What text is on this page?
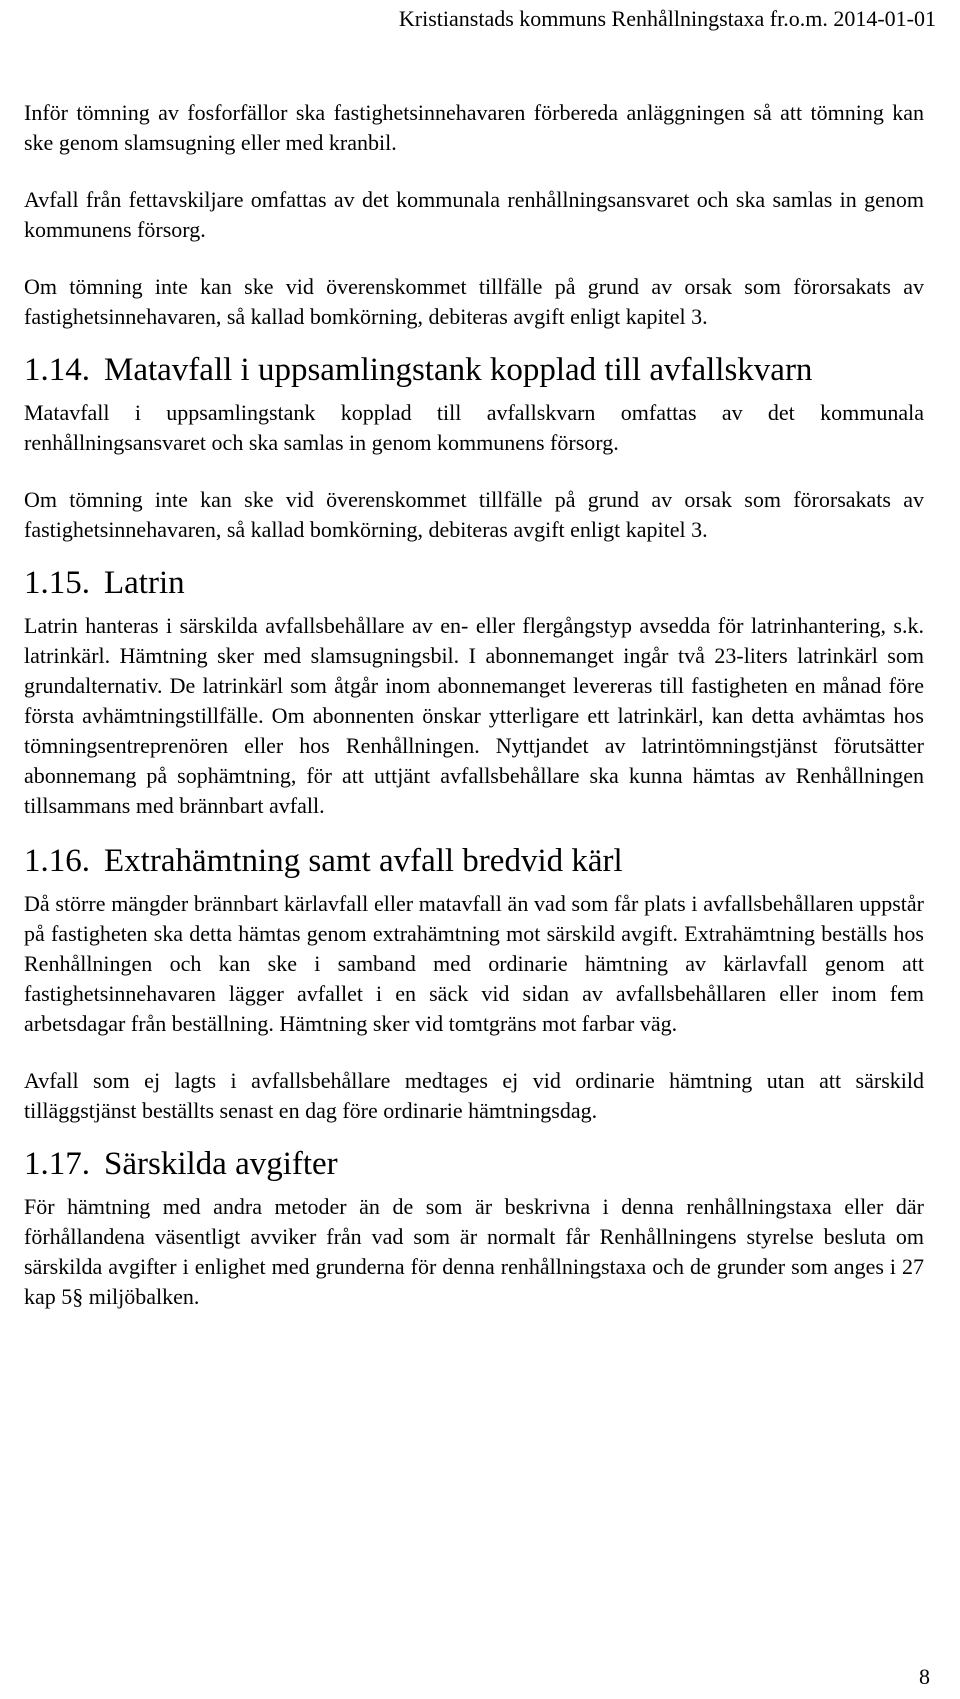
Kristianstads kommuns Renhållningstaxa fr.o.m. 2014-01-01

Inför tömning av fosforfällor ska fastighetsinnehavaren förbereda anläggningen så att tömning kan ske genom slamsugning eller med kranbil.

Avfall från fettavskiljare omfattas av det kommunala renhållningsansvaret och ska samlas in genom kommunens försorg.

Om tömning inte kan ske vid överenskommet tillfälle på grund av orsak som förorsakats av fastighetsinnehavaren, så kallad bomkörning, debiteras avgift enligt kapitel 3.

1.14. Matavfall i uppsamlingstank kopplad till avfallskvarn

Matavfall i uppsamlingstank kopplad till avfallskvarn omfattas av det kommunala renhållningsansvaret och ska samlas in genom kommunens försorg.

Om tömning inte kan ske vid överenskommet tillfälle på grund av orsak som förorsakats av fastighetsinnehavaren, så kallad bomkörning, debiteras avgift enligt kapitel 3.

1.15. Latrin

Latrin hanteras i särskilda avfallsbehållare av en- eller flergångstyp avsedda för latrinhantering, s.k. latrinkärl. Hämtning sker med slamsugningsbil. I abonnemanget ingår två 23-liters latrinkärl som grundalternativ. De latrinkärl som åtgår inom abonnemanget levereras till fastigheten en månad före första avhämtningstillfälle. Om abonnenten önskar ytterligare ett latrinkärl, kan detta avhämtas hos tömningsentreprenören eller hos Renhållningen. Nyttjandet av latrintömningstjänst förutsätter abonnemang på sophämtning, för att uttjänt avfallsbehållare ska kunna hämtas av Renhållningen tillsammans med brännbart avfall.

1.16. Extrahämtning samt avfall bredvid kärl

Då större mängder brännbart kärlavfall eller matavfall än vad som får plats i avfallsbehållaren uppstår på fastigheten ska detta hämtas genom extrahämtning mot särskild avgift. Extrahämtning beställs hos Renhållningen och kan ske i samband med ordinarie hämtning av kärlavfall genom att fastighetsinnehavaren lägger avfallet i en säck vid sidan av avfallsbehållaren eller inom fem arbetsdagar från beställning. Hämtning sker vid tomtgräns mot farbar väg.

Avfall som ej lagts i avfallsbehållare medtages ej vid ordinarie hämtning utan att särskild tilläggstjänst beställts senast en dag före ordinarie hämtningsdag.

1.17. Särskilda avgifter

För hämtning med andra metoder än de som är beskrivna i denna renhållningstaxa eller där förhållandena väsentligt avviker från vad som är normalt får Renhållningens styrelse besluta om särskilda avgifter i enlighet med grunderna för denna renhållningstaxa och de grunder som anges i 27 kap 5§ miljöbalken.

8
